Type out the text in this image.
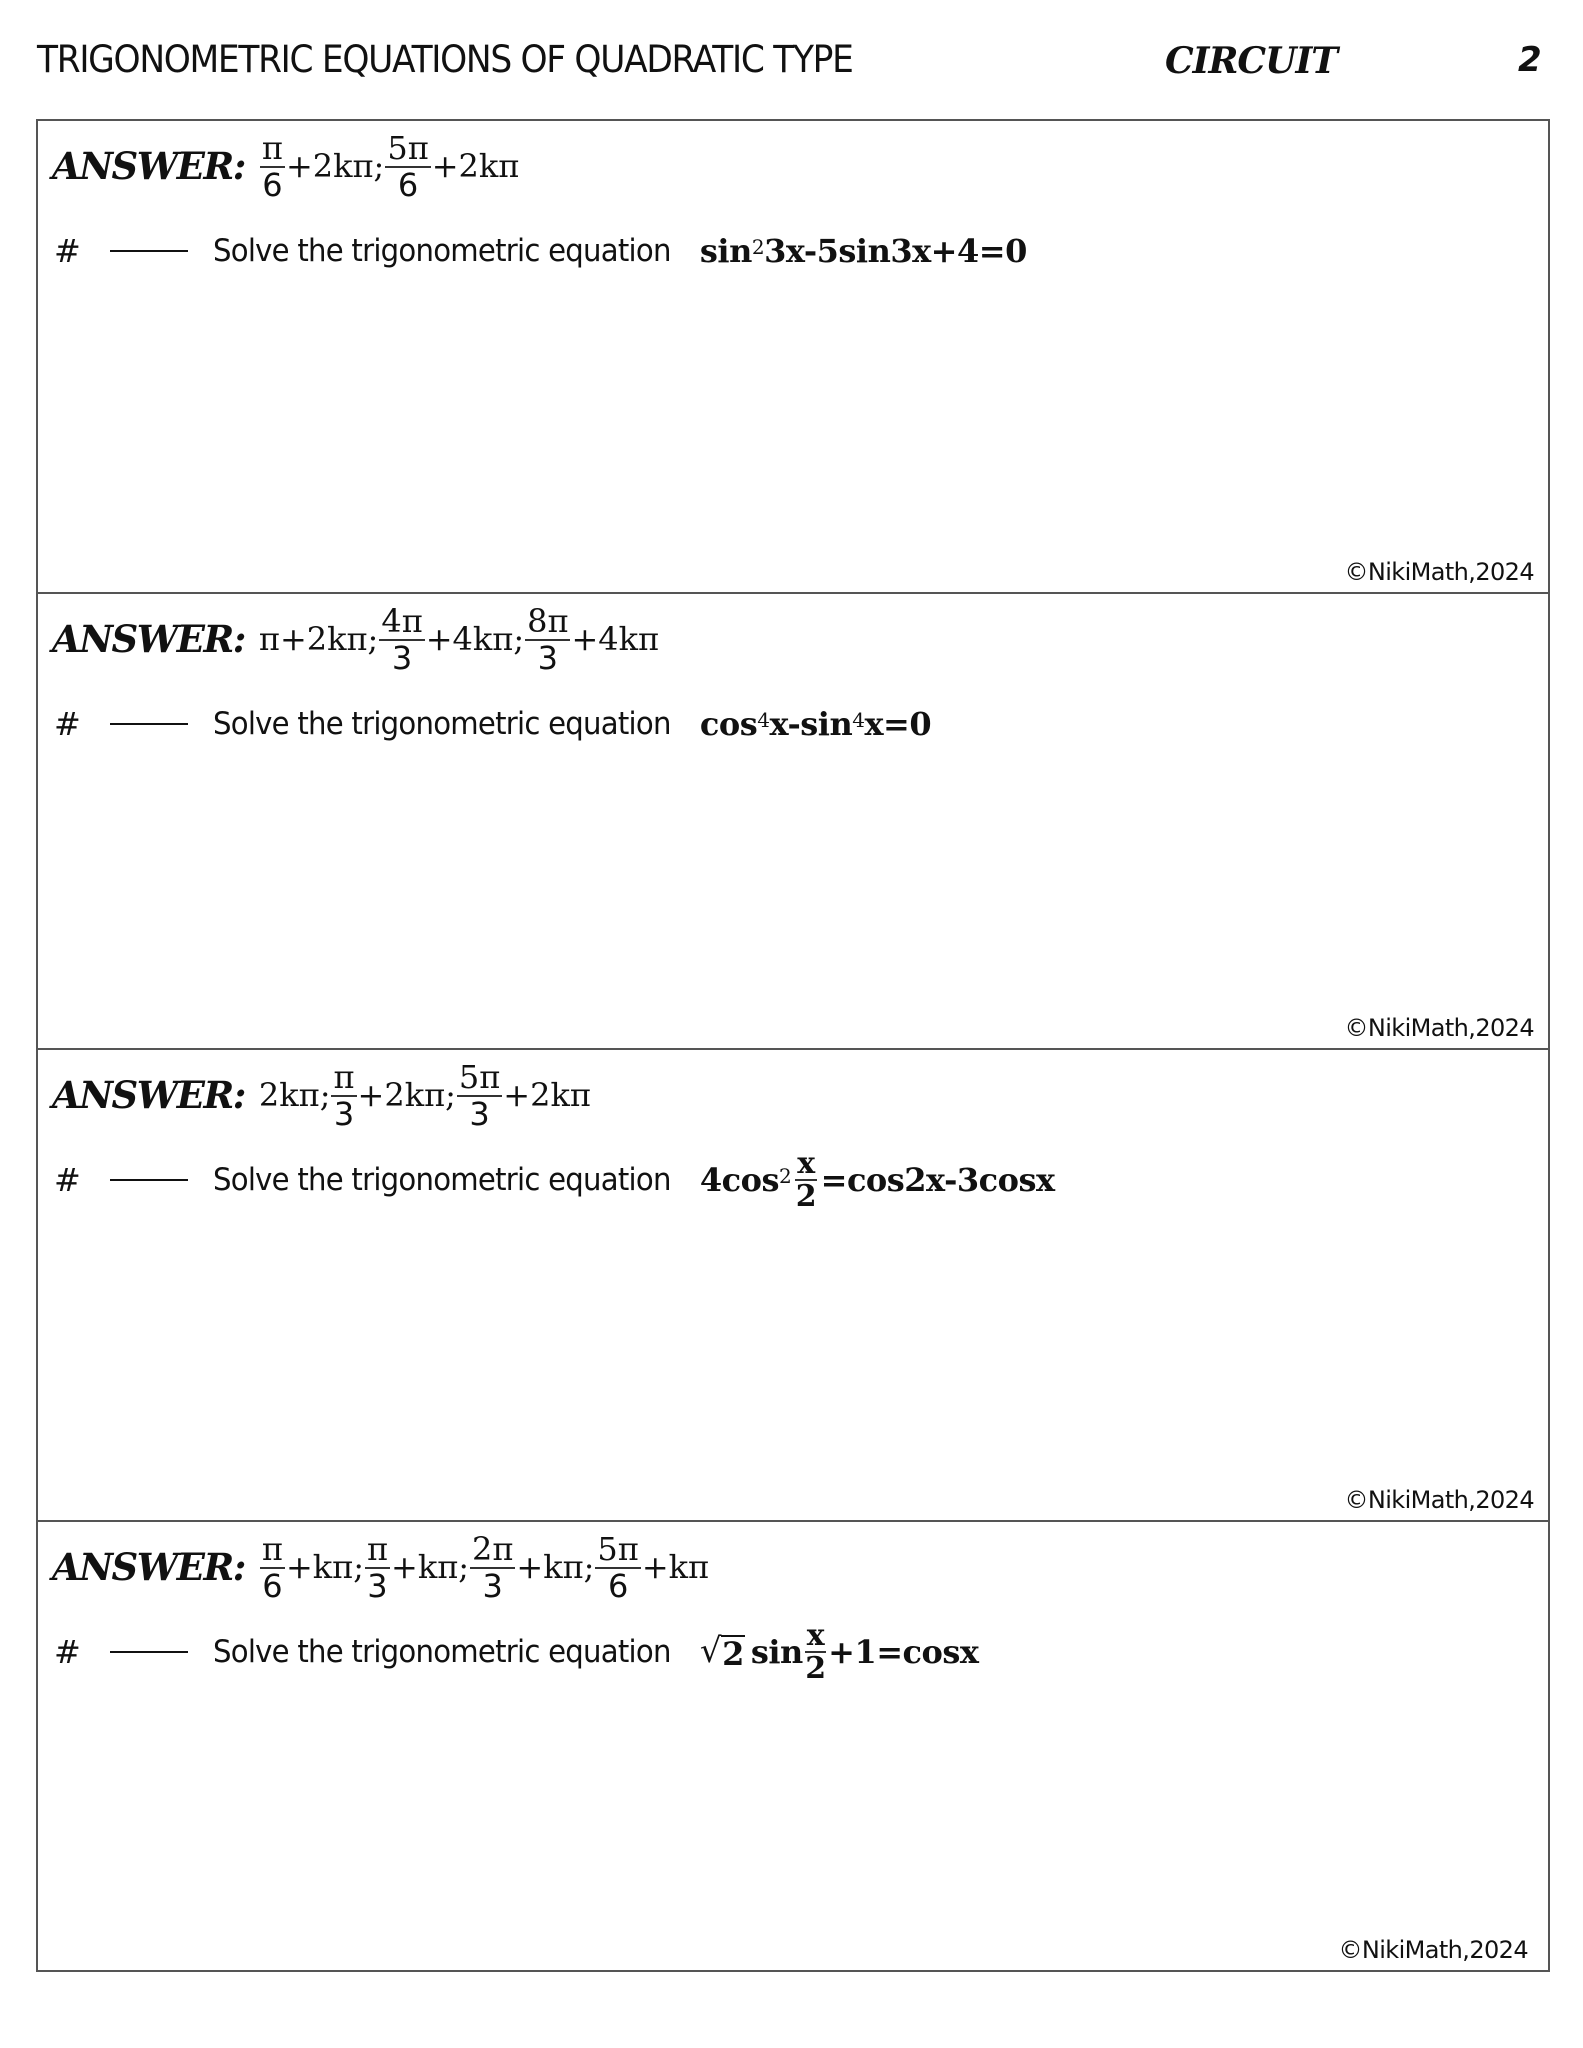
TRIGONOMETRIC EQUATIONS OF QUADRATIC TYPE	CIRCUIT	2
ANSWER: $\frac{\pi}{6} +2k\pi$; $\frac{5\pi}{6} +2k\pi$
#	Solve the trigonometric equation $\sin^2 3x-5\sin 3x+4=0$
©NikiMath,2024
ANSWER: π+2kπ; $\frac{4\pi}{3} +4k\pi$; $\frac{8\pi}{3} +4k\pi$
#	Solve the trigonometric equation $\cos^4 x-\sin^4$ x=0
©NikiMath,2024
ANSWER: 2kπ; $\frac{\pi}{3} +2k\pi$; $\frac{5\pi}{3} +2k\pi$
#	Solve the trigonometric equation $4\cos^2 \frac{x}{2} =\cos 2x-3\cos x$
©NikiMath,2024
ANSWER: $\frac{\pi}{6} +k\pi$; $\frac{\pi}{3} +k\pi$; $\frac{2\pi}{3} +k\pi$; $\frac{5\pi}{6} +k\pi$
#	Solve the trigonometric equation √ 2 $\sin \frac{x}{2} +1=\cos x$
©NikiMath,2024
